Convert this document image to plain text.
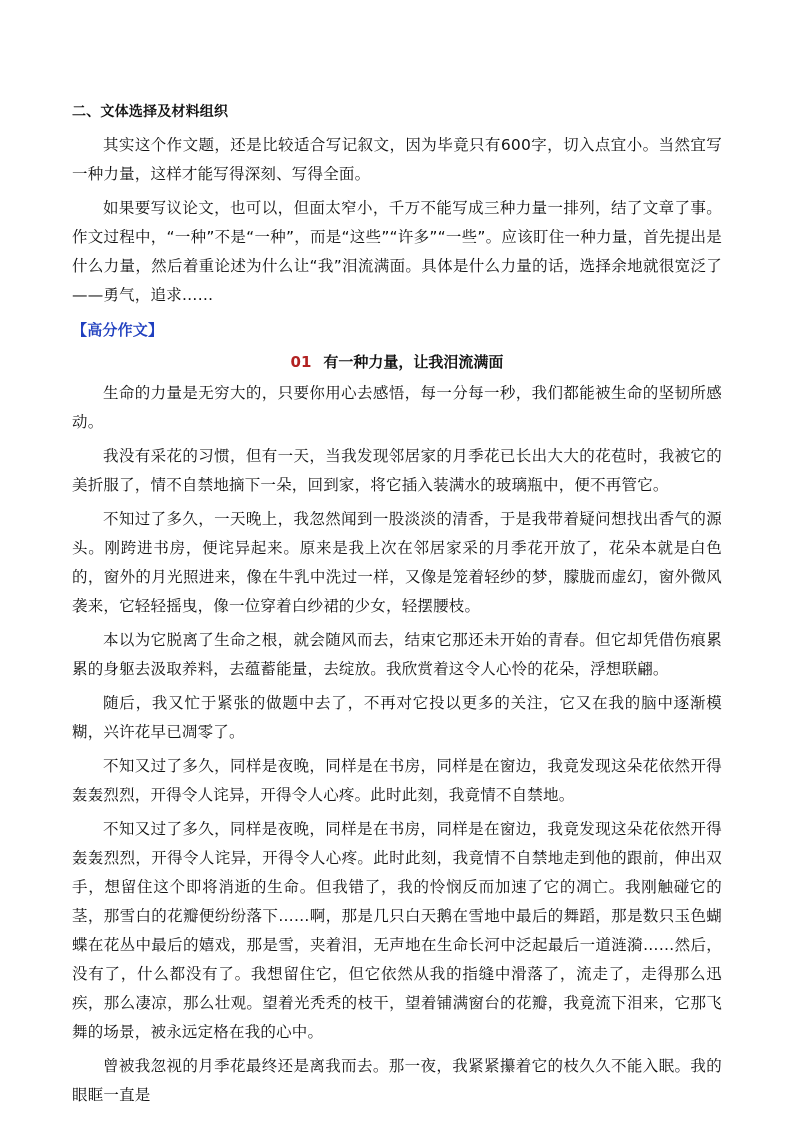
二、文体选择及材料组织

其实这个作文题，还是比较适合写记叙文，因为毕竟只有600字，切入点宜小。当然宜写一种力量，这样才能写得深刻、写得全面。

如果要写议论文，也可以，但面太窄小，千万不能写成三种力量一排列，结了文章了事。作文过程中，“一种”不是“一种”，而是“这些”“许多”“一些”。应该盯住一种力量，首先提出是什么力量，然后着重论述为什么让“我”泪流满面。具体是什么力量的话，选择余地就很宽泛了——勇气，追求……

【高分作文】

01 有一种力量，让我泪流满面

生命的力量是无穷大的，只要你用心去感悟，每一分每一秒，我们都能被生命的坚韧所感动。

我没有采花的习惯，但有一天，当我发现邻居家的月季花已长出大大的花苞时，我被它的美折服了，情不自禁地摘下一朵，回到家，将它插入装满水的玻璃瓶中，便不再管它。

不知过了多久，一天晚上，我忽然闻到一股淡淡的清香，于是我带着疑问想找出香气的源头。刚跨进书房，便诧异起来。原来是我上次在邻居家采的月季花开放了，花朵本就是白色的，窗外的月光照进来，像在牛乳中洗过一样，又像是笼着轻纱的梦，朦胧而虚幻，窗外微风袭来，它轻轻摇曳，像一位穿着白纱裙的少女，轻摆腰枝。

本以为它脱离了生命之根，就会随风而去，结束它那还未开始的青春。但它却凭借伤痕累累的身躯去汲取养料，去蕴蓄能量，去绽放。我欣赏着这令人心怜的花朵，浮想联翩。

随后，我又忙于紧张的做题中去了，不再对它投以更多的关注，它又在我的脑中逐渐模糊，兴许花早已凋零了。

不知又过了多久，同样是夜晚，同样是在书房，同样是在窗边，我竟发现这朵花依然开得轰轰烈烈，开得令人诧异，开得令人心疼。此时此刻，我竟情不自禁地。

不知又过了多久，同样是夜晚，同样是在书房，同样是在窗边，我竟发现这朵花依然开得轰轰烈烈，开得令人诧异，开得令人心疼。此时此刻，我竟情不自禁地走到他的跟前，伸出双手，想留住这个即将消逝的生命。但我错了，我的怜悯反而加速了它的凋亡。我刚触碰它的茎，那雪白的花瓣便纷纷落下……啊，那是几只白天鹅在雪地中最后的舞蹈，那是数只玉色蝴蝶在花丛中最后的嬉戏，那是雪，夹着泪，无声地在生命长河中泛起最后一道涟漪……然后，没有了，什么都没有了。我想留住它，但它依然从我的指缝中滑落了，流走了，走得那么迅疾，那么凄凉，那么壮观。望着光秃秃的枝干，望着铺满窗台的花瓣，我竟流下泪来，它那飞舞的场景，被永远定格在我的心中。

曾被我忽视的月季花最终还是离我而去。那一夜，我紧紧攥着它的枝久久不能入眠。我的眼眶一直是
